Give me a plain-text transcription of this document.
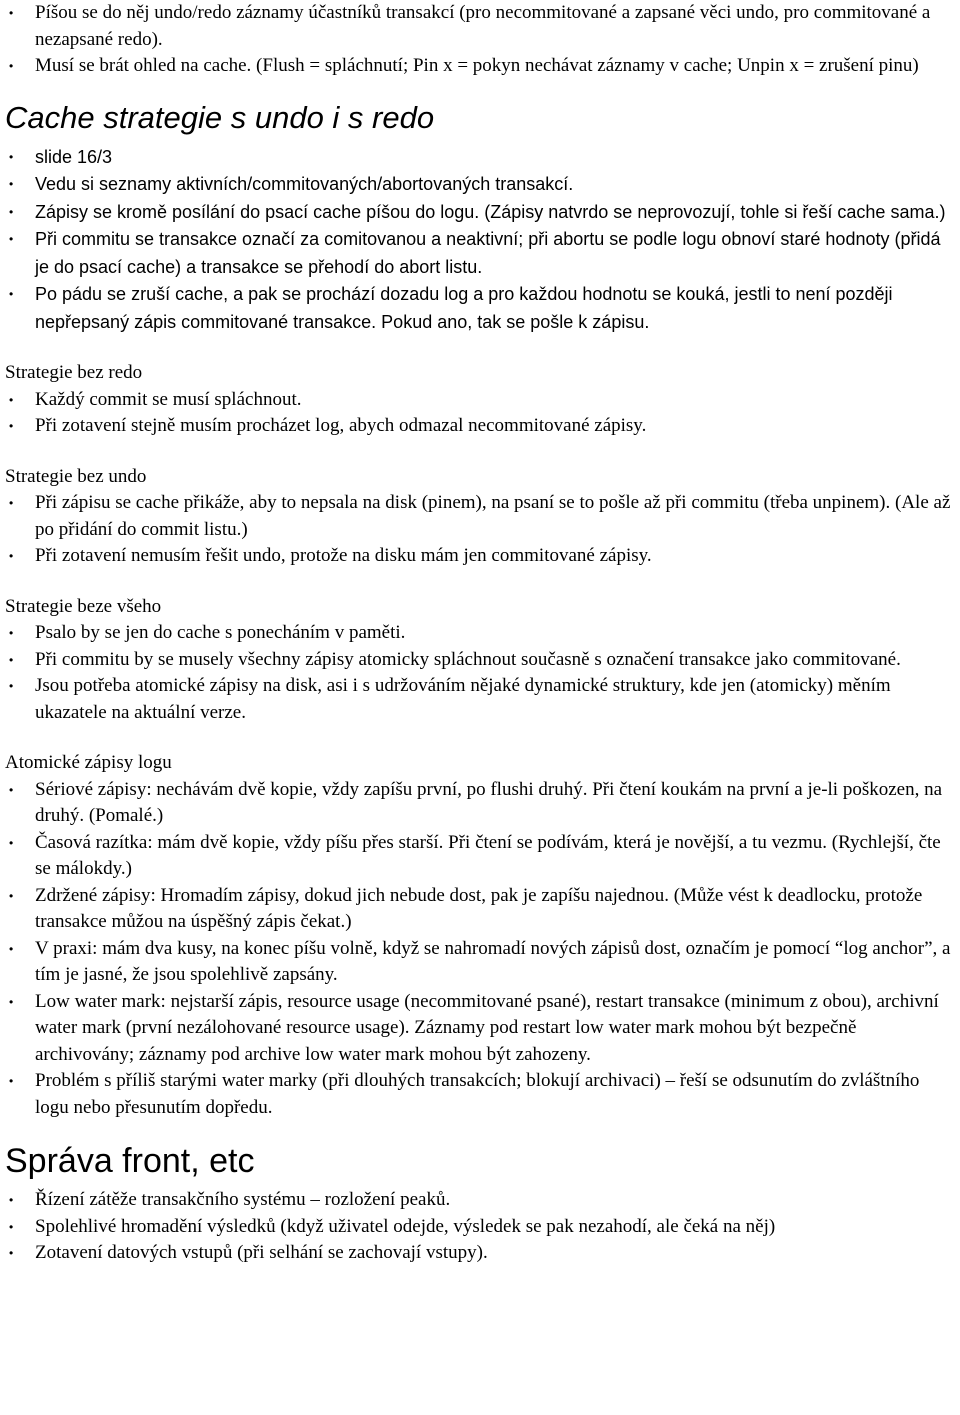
• Píšou se do něj undo/redo záznamy účastníků transakcí (pro necommitované a zapsané věci undo, pro commitované a nezapsané redo).
• Musí se brát ohled na cache. (Flush = spláchnutí; Pin x = pokyn nechávat záznamy v cache; Unpin x = zrušení pinu)
Cache strategie s undo i s redo
• slide 16/3
• Vedu si seznamy aktivních/commitovaných/abortovaných transakcí.
• Zápisy se kromě posílání do psací cache píšou do logu. (Zápisy natvrdo se neprovozují, tohle si řeší cache sama.)
• Při commitu se transakce označí za comitovanou a neaktivní; při abortu se podle logu obnoví staré hodnoty (přidá je do psací cache) a transakce se přehodí do abort listu.
• Po pádu se zruší cache, a pak se prochází dozadu log a pro každou hodnotu se kouká, jestli to není později nepřepsaný zápis commitované transakce. Pokud ano, tak se pošle k zápisu.
Strategie bez redo
• Každý commit se musí spláchnout.
• Při zotavení stejně musím procházet log, abych odmazal necommitované zápisy.
Strategie bez undo
• Při zápisu se cache přikáže, aby to nepsala na disk (pinem), na psaní se to pošle až při commitu (třeba unpinem). (Ale až po přidání do commit listu.)
• Při zotavení nemusím řešit undo, protože na disku mám jen commitované zápisy.
Strategie beze všeho
• Psalo by se jen do cache s ponecháním v paměti.
• Při commitu by se musely všechny zápisy atomicky spláchnout současně s označení transakce jako commitované.
• Jsou potřeba atomické zápisy na disk, asi i s udržováním nějaké dynamické struktury, kde jen (atomicky) měním ukazatele na aktuální verze.
Atomické zápisy logu
• Sériové zápisy: nechávám dvě kopie, vždy zapíšu první, po flushi druhý. Při čtení koukám na první a je-li poškozen, na druhý. (Pomalé.)
• Časová razítka: mám dvě kopie, vždy píšu přes starší. Při čtení se podívám, která je novější, a tu vezmu. (Rychlejší, čte se málokdy.)
• Zdržené zápisy: Hromadím zápisy, dokud jich nebude dost, pak je zapíšu najednou. (Může vést k deadlocku, protože transakce můžou na úspěšný zápis čekat.)
• V praxi: mám dva kusy, na konec píšu volně, když se nahromadí nových zápisů dost, označím je pomocí “log anchor”, a tím je jasné, že jsou spolehlivě zapsány.
• Low water mark: nejstarší zápis, resource usage (necommitované psané), restart transakce (minimum z obou), archivní water mark (první nezálohované resource usage). Záznamy pod restart low water mark mohou být bezpečně archivovány; záznamy pod archive low water mark mohou být zahozeny.
• Problém s příliš starými water marky (při dlouhých transakcích; blokují archivaci) – řeší se odsunutím do zvláštního logu nebo přesunutím dopředu.
Správa front, etc
• Řízení zátěže transakčního systému – rozložení peaků.
• Spolehlivé hromadění výsledků (když uživatel odejde, výsledek se pak nezahodí, ale čeká na něj)
• Zotavení datových vstupů (při selhání se zachovají vstupy).
